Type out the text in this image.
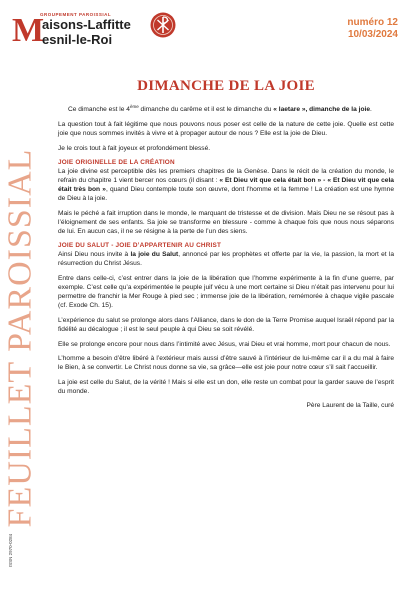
FEUILLET PAROISSIAL
ISSN 2970-0284
M
GROUPEMENT PAROISSIAL
aisons-Laffitte
esnil-le-Roi
numéro 12
10/03/2024
DIMANCHE DE LA JOIE

Ce dimanche est le 4ème dimanche du carême et il est le dimanche du « laetare », dimanche de la joie.

La question tout à fait légitime que nous pouvons nous poser est celle de la nature de cette joie. Quelle est cette joie que nous sommes invités à vivre et à propager autour de nous ? Elle est la joie de Dieu.

Je le crois tout à fait joyeux et profondément blessé.

JOIE ORIGINELLE DE LA CRÉATION

La joie divine est perceptible dès les premiers chapitres de la Genèse. Dans le récit de la création du monde, le refrain du chapitre 1 vient bercer nos cœurs (il disant : « Et Dieu vit que cela était bon » - « Et Dieu vit que cela était très bon », quand Dieu contemple toute son œuvre, dont l’homme et la femme ! La création est une hymne de Dieu à la joie.

Mais le péché a fait irruption dans le monde, le marquant de tristesse et de division. Mais Dieu ne se résout pas à l’éloignement de ses enfants. Sa joie se transforme en blessure - comme à chaque fois que nous nous séparons de lui. En aucun cas, il ne se résigne à la perte de l’un des siens.

JOIE DU SALUT - JOIE D’APPARTENIR AU CHRIST

Ainsi Dieu nous invite à la joie du Salut, annoncé par les prophètes et offerte par la vie, la passion, la mort et la résurrection du Christ Jésus.

Entre dans celle-ci, c’est entrer dans la joie de la libération que l’homme expérimente à la fin d’une guerre, par exemple. C’est celle qu’a expérimentée le peuple juif vécu à une mort certaine si Dieu n’était pas intervenu pour lui permettre de franchir la Mer Rouge à pied sec ; immense joie de la libération, remémorée à chaque vigile pascale (cf. Exode Ch. 15).

L’expérience du salut se prolonge alors dans l’Alliance, dans le don de la Terre Promise auquel Israël répond par la fidélité au décalogue ; il est le seul peuple à qui Dieu se soit révélé.

Elle se prolonge encore pour nous dans l’intimité avec Jésus, vrai Dieu et vrai homme, mort pour chacun de nous.

L’homme a besoin d’être libéré à l’extérieur mais aussi d’être sauvé à l’intérieur de lui-même car il a du mal à faire le Bien, à se convertir. Le Christ nous donne sa vie, sa grâce—elle est joie pour notre cœur s’il sait l’accueillir.

La joie est celle du Salut, de la vérité ! Mais si elle est un don, elle reste un combat pour la garder sauve de l’esprit du monde.

Père Laurent de la Taille, curé
